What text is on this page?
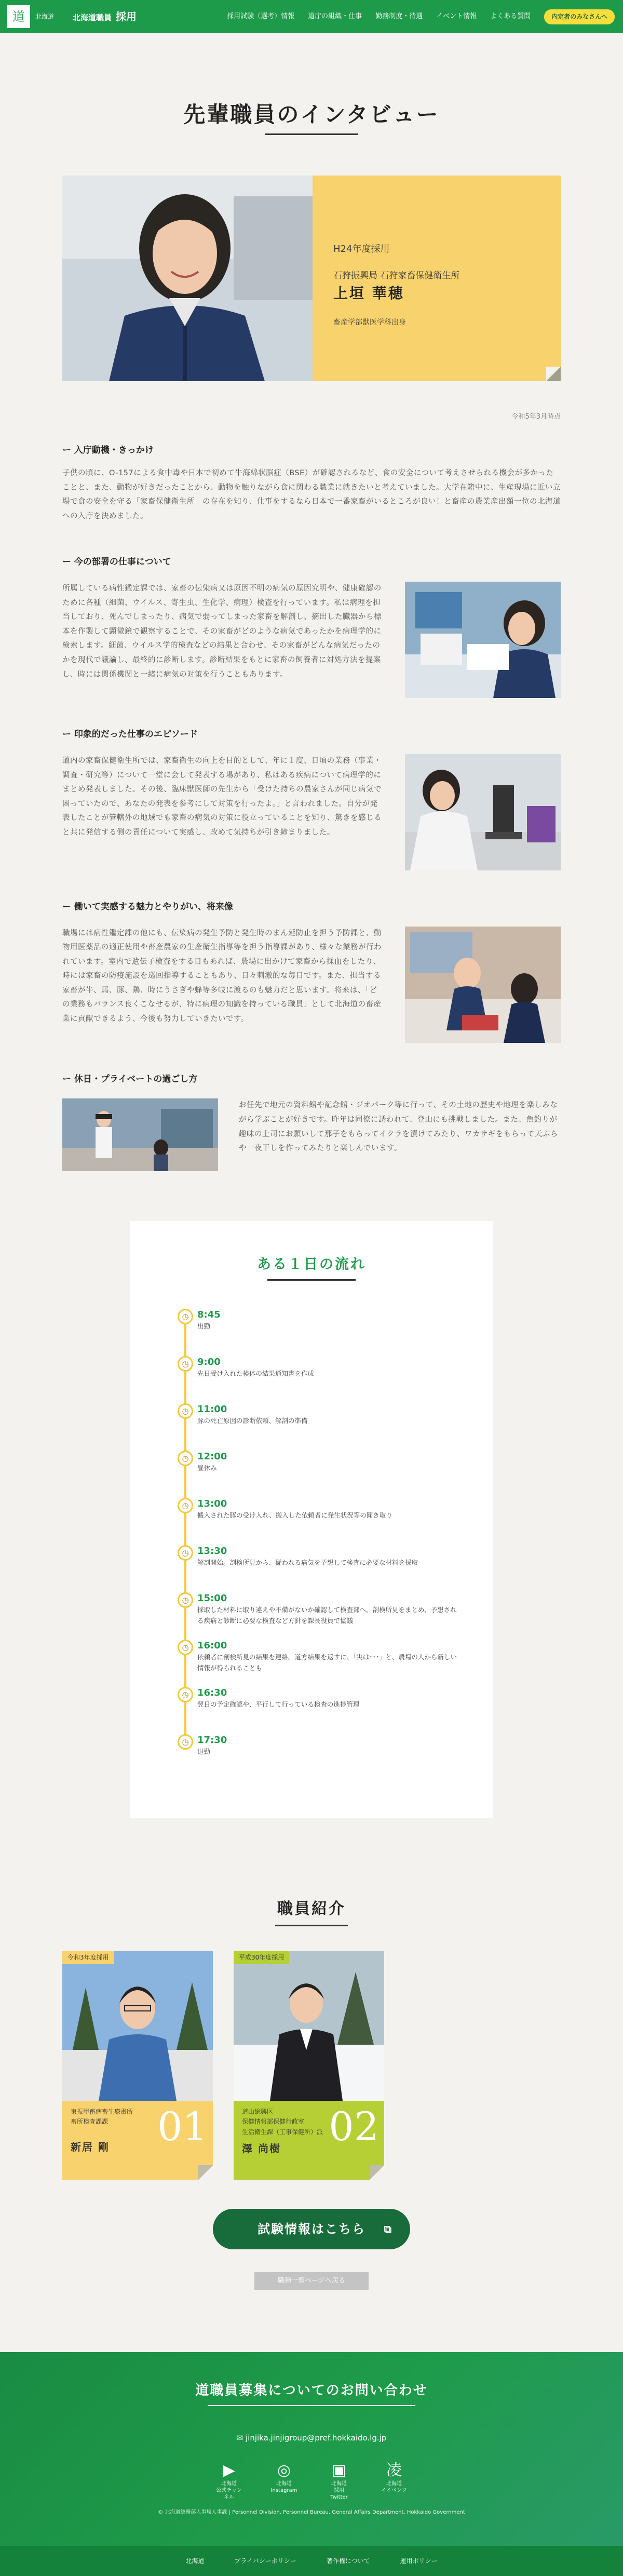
道 北海道 北海道職員 採用	採用試験（選考）情報 道庁の組織・仕事 勤務制度・待遇 イベント情報 よくある質問	内定者のみなさんへ
先輩職員のインタビュー
H24年度採用
石狩振興局 石狩家畜保健衛生所
上垣 華穂
畜産学部獣医学科出身
令和5年3月時点
ー 入庁動機・きっかけ

子供の頃に、O-157による食中毒や日本で初めて牛海綿状脳症（BSE）が確認されるなど、食の安全について考えさせられる機会が多かったことと、また、動物が好きだったことから、動物を触りながら食に関わる職業に就きたいと考えていました。大学在籍中に、生産現場に近い立場で食の安全を守る「家畜保健衛生所」の存在を知り、仕事をするなら日本で一番家畜がいるところが良い！と畜産の農業産出額一位の北海道への入庁を決めました。

ー 今の部署の仕事について

所属している病性鑑定課では、家畜の伝染病又は原因不明の病気の原因究明や、健康確認のために各種（細菌、ウイルス、寄生虫、生化学、病理）検査を行っています。私は病理を担当しており、死んでしまったり、病気で弱ってしまった家畜を解剖し、摘出した臓器から標本を作製して顕微鏡で観察することで、その家畜がどのような病気であったかを病理学的に検索します。細菌、ウイルス学的検査などの結果と合わせ、その家畜がどんな病気だったのかを現代で議論し、最終的に診断します。診断結果をもとに家畜の飼養者に対処方法を提案し、時には関係機関と一緒に病気の対策を行うこともあります。

ー 印象的だった仕事のエピソード

道内の家畜保健衛生所では、家畜衛生の向上を目的として、年に１度、日頃の業務（事業・調査・研究等）について一堂に会して発表する場があり、私はある疾病について病理学的にまとめ発表しました。その後、臨床獣医師の先生から「受けた持ちの農家さんが同じ病気で困っていたので、あなたの発表を参考にして対策を行ったよ。」と言われました。自分が発表したことが管轄外の地域でも家畜の病気の対策に役立っていることを知り、驚きを感じると共に発信する側の責任について実感し、改めて気持ちが引き締まりました。

ー 働いて実感する魅力とやりがい、将来像

職場には病性鑑定課の他にも、伝染病の発生予防と発生時のまん延防止を担う予防課と、動物用医薬品の適正使用や畜産農家の生産衛生指導等を担う指導課があり、様々な業務が行われています。室内で遺伝子検査をする日もあれば、農場に出かけて家畜から採血をしたり、時には家畜の防疫施設を巡回指導することもあり、日々刺激的な毎日です。また、担当する家畜が牛、馬、豚、鶏、時にうさぎや蜂等多岐に渡るのも魅力だと思います。将来は、「どの業務もバランス良くこなせるが、特に病理の知識を持っている職員」として北海道の畜産業に貢献できるよう、今後も努力していきたいです。

ー 休日・プライベートの過ごし方

お任先で地元の資料館や記念館・ジオパーク等に行って、その土地の歴史や地理を楽しみながら学ぶことが好きです。昨年は同僚に誘われて、登山にも挑戦しました。また、魚釣りが趣味の上司にお願いして那子をもらってイクラを漬けてみたり、ワカサギをもらって天ぷらや一夜干しを作ってみたりと楽しんでいます。

ある１日の流れ
◷ 8:45
出勤
◷ 9:00
先日受け入れた検体の結果通知書を作成
◷ 11:00
豚の死亡原因の診断依頼、解剖の準備
◷ 12:00
昼休み
◷ 13:00
搬入された豚の受け入れ、搬入した依頼者に発生状況等の聞き取り
◷ 13:30
解剖開始。剖検所見から、疑われる病気を予想して検査に必要な材料を採取
◷ 15:00
採取した材料に取り違えや不備がないか確認して検査部へ。剖検所見をまとめ、予想される疾病と診断に必要な検査など方針を課長役員で協議
◷ 16:00
依頼者に剖検所見の結果を連絡。道方結果を返すに、「実は･･･」と、農場の人から新しい情報が得られることも
◷ 16:30
翌日の予定確認や、平行して行っている検査の進捗管理
◷ 17:30
退勤
職員紹介
令和3年度採用
東振甲畜病畜生療畫所
畜所検査課課
新居 剛	01
平成30年度採用
道山総興区
保健情報部保健行政室
生活衛生課（工事保健所）派
澤 尚樹	02
試験情報はこちら ⧉
職種一覧ページへ戻る
道職員募集についてのお問い合わせ
✉ jinjika.jinjigroup@pref.hokkaido.lg.jp
▶
北海道
公式チャンネル
◎
北海道
Instagram
▣
北海道
採用Twitter
凌
北海道
イイベンツ
© 北海道総務部人事局人事課 | Personnel Division, Personnel Bureau, General Affairs Department, Hokkaido Government
北海道	プライバシーポリシー	著作権について	運用ポリシー
